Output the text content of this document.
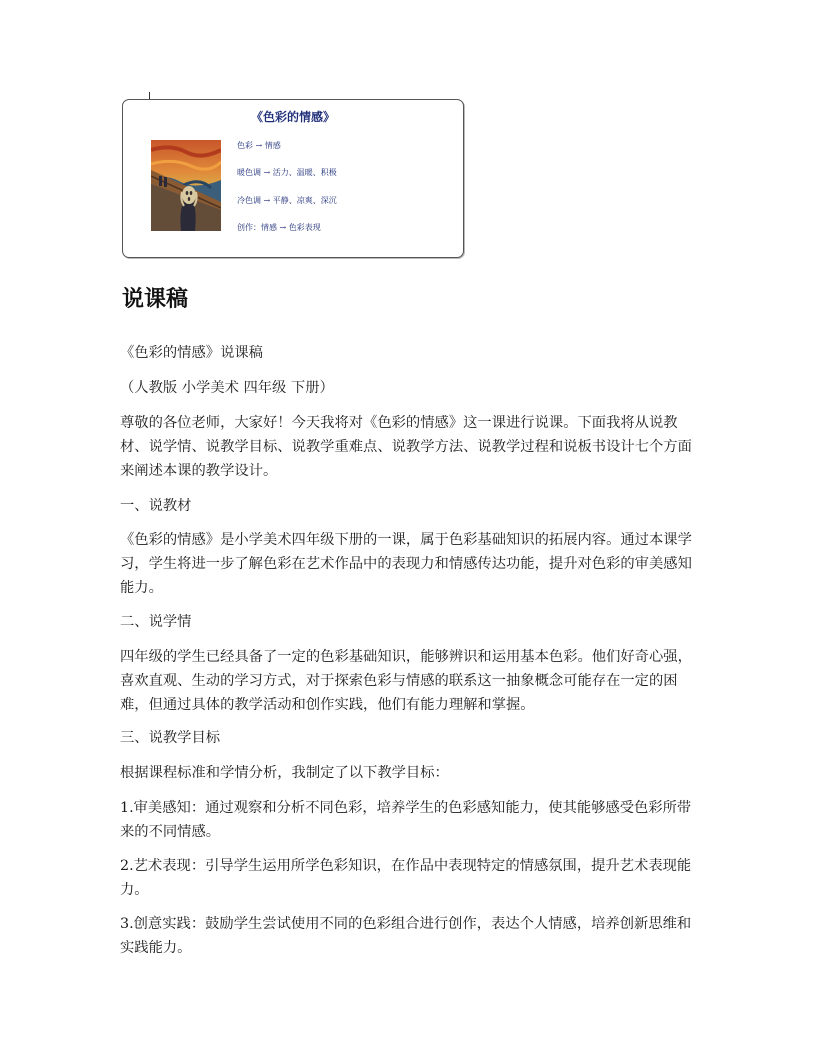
《色彩的情感》
色彩 → 情感
暖色调 → 活力、温暖、积极
冷色调 → 平静、凉爽、深沉
创作：情感 → 色彩表现
说课稿

《色彩的情感》说课稿

（人教版 小学美术 四年级 下册）

尊敬的各位老师，大家好！今天我将对《色彩的情感》这一课进行说课。下面我将从说教材、说学情、说教学目标、说教学重难点、说教学方法、说教学过程和说板书设计七个方面来阐述本课的教学设计。

一、说教材

《色彩的情感》是小学美术四年级下册的一课，属于色彩基础知识的拓展内容。通过本课学习，学生将进一步了解色彩在艺术作品中的表现力和情感传达功能，提升对色彩的审美感知能力。

二、说学情

四年级的学生已经具备了一定的色彩基础知识，能够辨识和运用基本色彩。他们好奇心强，喜欢直观、生动的学习方式，对于探索色彩与情感的联系这一抽象概念可能存在一定的困难，但通过具体的教学活动和创作实践，他们有能力理解和掌握。

三、说教学目标

根据课程标准和学情分析，我制定了以下教学目标：

1.审美感知：通过观察和分析不同色彩，培养学生的色彩感知能力，使其能够感受色彩所带来的不同情感。

2.艺术表现：引导学生运用所学色彩知识，在作品中表现特定的情感氛围，提升艺术表现能力。

3.创意实践：鼓励学生尝试使用不同的色彩组合进行创作，表达个人情感，培养创新思维和实践能力。
